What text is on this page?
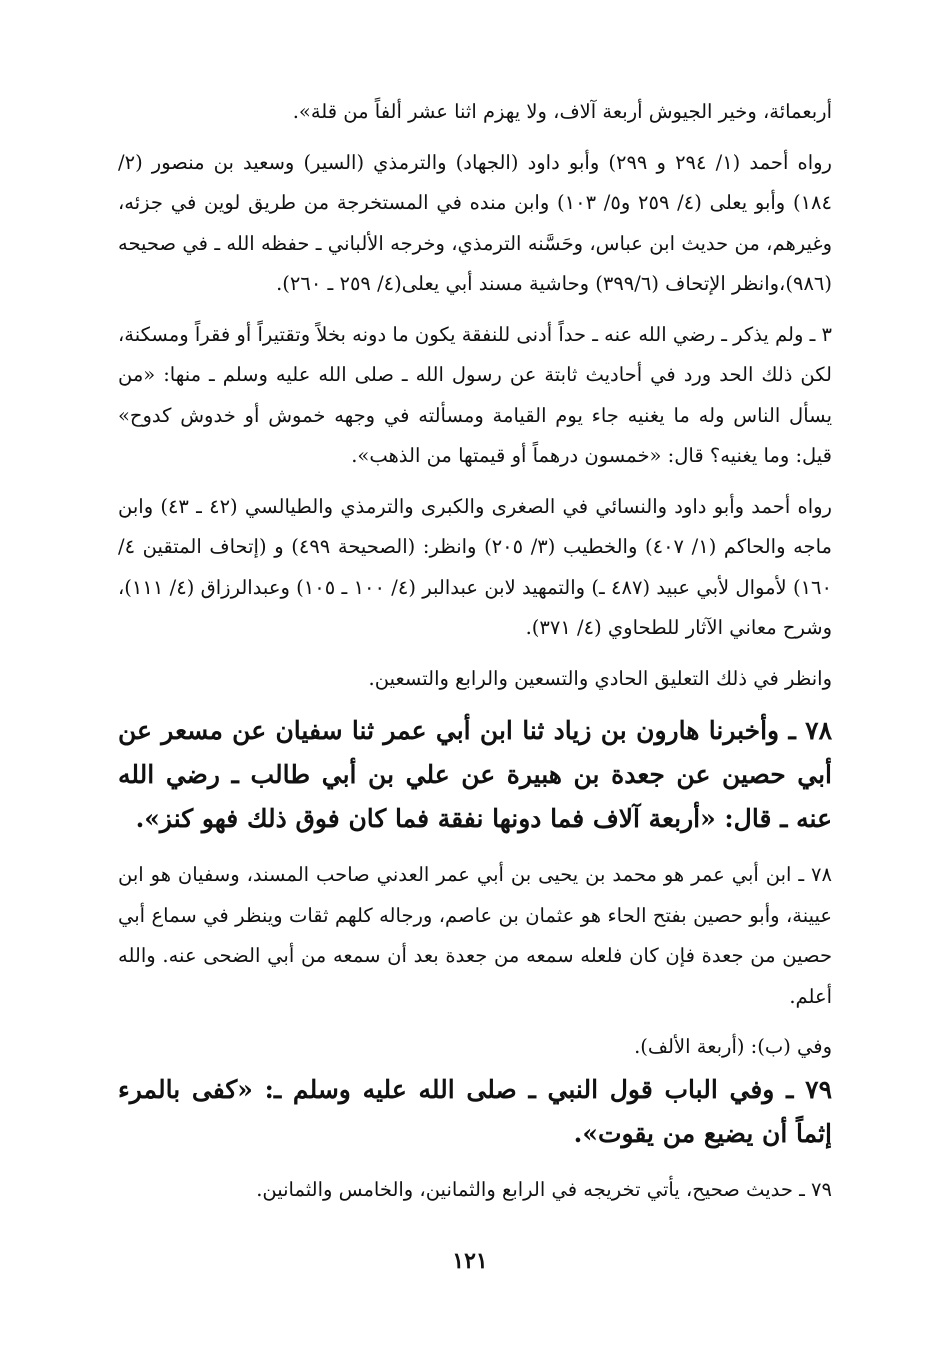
أربعمائة، وخير الجيوش أربعة آلاف، ولا يهزم اثنا عشر ألفاً من قلة».

رواه أحمد (١/ ٢٩٤ و ٢٩٩) وأبو داود (الجهاد) والترمذي (السير) وسعيد بن منصور (٢/ ١٨٤) وأبو يعلى (٤/ ٢٥٩ و٥/ ١٠٣) وابن منده في المستخرجة من طريق لوين في جزئه، وغيرهم، من حديث ابن عباس، وحَسَّنه الترمذي، وخرجه الألباني ـ حفظه الله ـ في صحيحه (٩٨٦)،وانظر الإتحاف (٣٩٩/٦) وحاشية مسند أبي يعلى(٤/ ٢٥٩ ـ ٢٦٠).

٣ ـ ولم يذكر ـ رضي الله عنه ـ حداً أدنى للنفقة يكون ما دونه بخلاً وتقتيراً أو فقراً ومسكنة، لكن ذلك الحد ورد في أحاديث ثابتة عن رسول الله ـ صلى الله عليه وسلم ـ منها: «من يسأل الناس وله ما يغنيه جاء يوم القيامة ومسألته في وجهه خموش أو خدوش كدوح» قيل: وما يغنيه؟ قال: «خمسون درهماً أو قيمتها من الذهب».

رواه أحمد وأبو داود والنسائي في الصغرى والكبرى والترمذي والطيالسي (٤٢ ـ ٤٣) وابن ماجه والحاكم (١/ ٤٠٧) والخطيب (٣/ ٢٠٥) وانظر: (الصحيحة ٤٩٩) و (إتحاف المتقين ٤/ ١٦٠) لأموال لأبي عبيد (٤٨٧ ـ) والتمهيد لابن عبدالبر (٤/ ١٠٠ ـ ١٠٥) وعبدالرزاق (٤/ ١١١)، وشرح معاني الآثار للطحاوي (٤/ ٣٧١).

وانظر في ذلك التعليق الحادي والتسعين والرابع والتسعين.

٧٨ ـ وأخبرنا هارون بن زياد ثنا ابن أبي عمر ثنا سفيان عن مسعر عن أبي حصين عن جعدة بن هبيرة عن علي بن أبي طالب ـ رضي الله عنه ـ قال: «أربعة آلاف فما دونها نفقة فما كان فوق ذلك فهو كنز».

٧٨ ـ ابن أبي عمر هو محمد بن يحيى بن أبي عمر العدني صاحب المسند، وسفيان هو ابن عيينة، وأبو حصين بفتح الحاء هو عثمان بن عاصم، ورجاله كلهم ثقات وينظر في سماع أبي حصين من جعدة فإن كان فلعله سمعه من جعدة بعد أن سمعه من أبي الضحى عنه. والله أعلم.

وفي (ب): (أربعة الألف).

٧٩ ـ وفي الباب قول النبي ـ صلى الله عليه وسلم ـ: «كفى بالمرء إثماً أن يضيع من يقوت».

٧٩ ـ حديث صحيح، يأتي تخريجه في الرابع والثمانين، والخامس والثمانين.

١٢١
